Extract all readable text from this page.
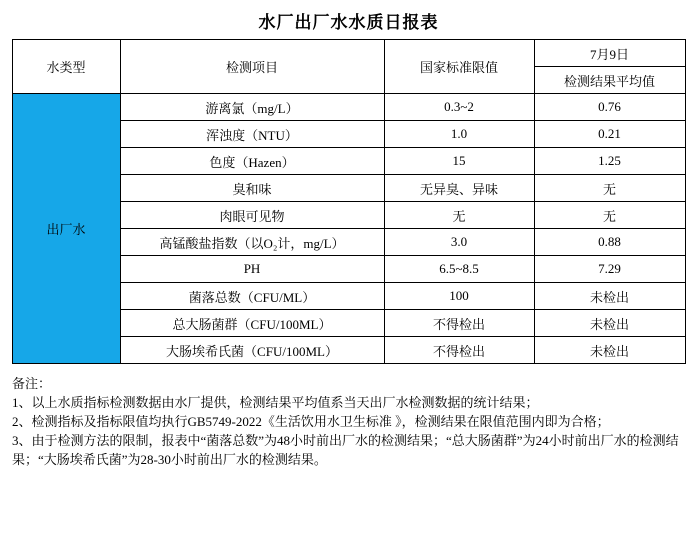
水厂出厂水水质日报表
水类型	检测项目	国家标准限值	7月9日
			检测结果平均值
出厂水	游离氯（mg/L）	0.3~2	0.76
	浑浊度（NTU）	1.0	0.21
	色度（Hazen）	15	1.25
	臭和味	无异臭、异味	无
	肉眼可见物	无	无
	高锰酸盐指数（以O₂计，mg/L）	3.0	0.88
	PH	6.5~8.5	7.29
	菌落总数（CFU/ML）	100	未检出
	总大肠菌群（CFU/100ML）	不得检出	未检出
	大肠埃希氏菌（CFU/100ML）	不得检出	未检出
备注：
1、以上水质指标检测数据由水厂提供，检测结果平均值系当天出厂水检测数据的统计结果；
2、检测指标及指标限值均执行GB5749-2022《生活饮用水卫生标准 》，检测结果在限值范围内即为合格；
3、由于检测方法的限制，报表中“菌落总数”为48小时前出厂水的检测结果；“总大肠菌群”为24小时前出厂水的检测结果；“大肠埃希氏菌”为28-30小时前出厂水的检测结果。
